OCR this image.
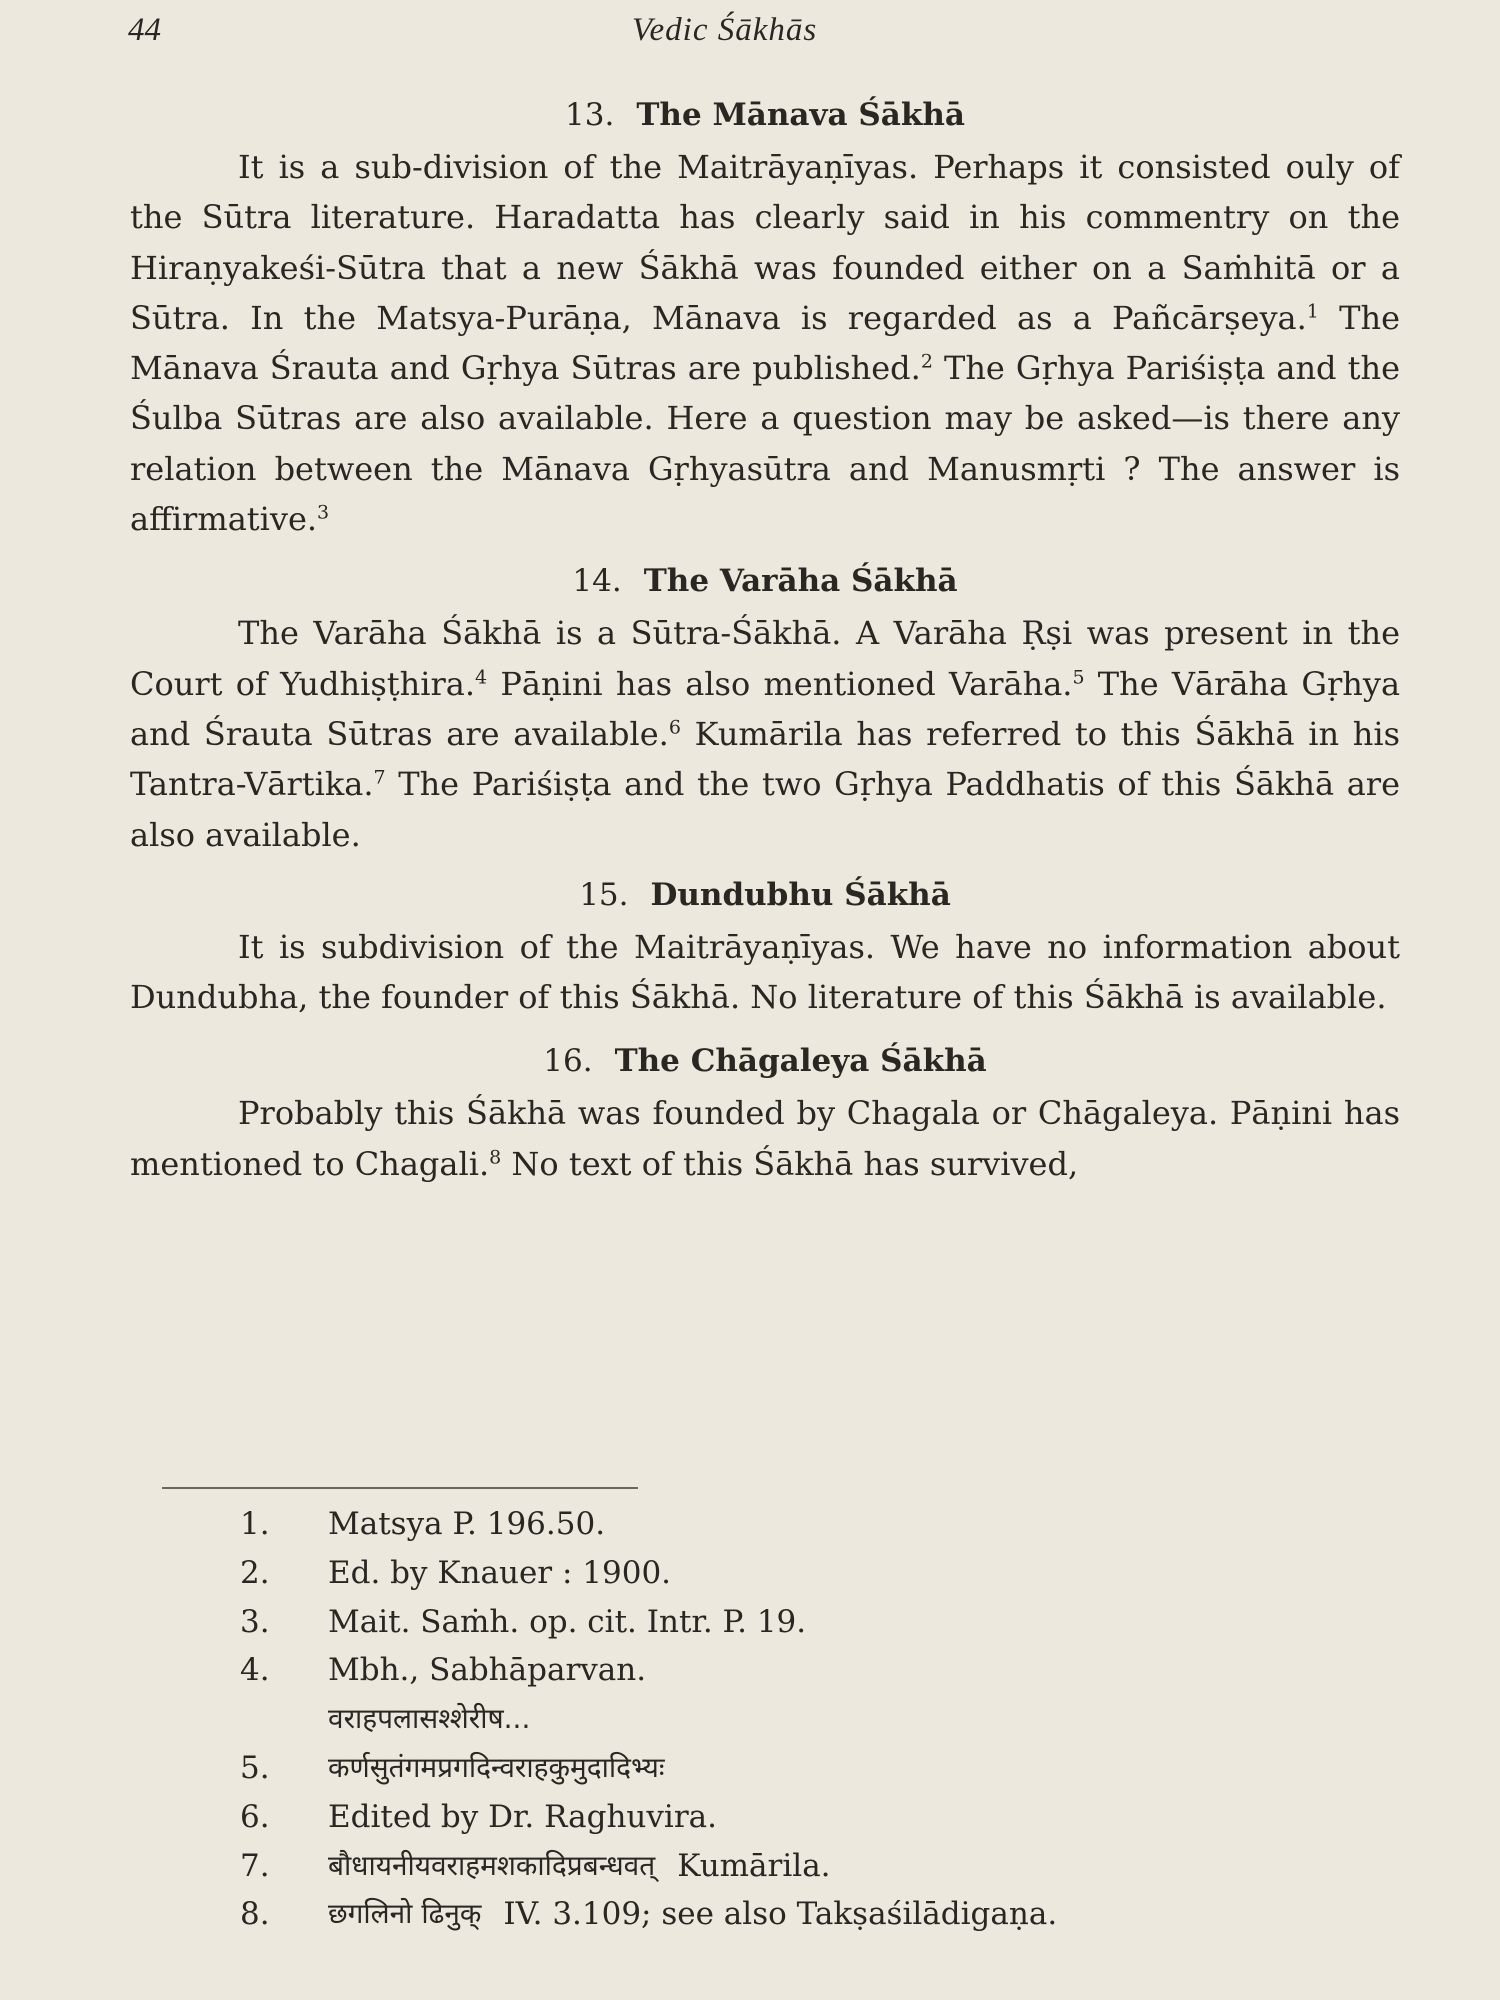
44	Vedic Śākhās
13. The Mānava Śākhā

It is a sub-division of the Maitrāyaṇīyas. Perhaps it consisted ouly of the Sūtra literature. Haradatta has clearly said in his commentry on the Hiraṇyakeśi-Sūtra that a new Śākhā was founded either on a Saṁhitā or a Sūtra. In the Matsya-Purāṇa, Mānava is regarded as a Pañcārṣeya.$^1$ The Mānava Śrauta and Gṛhya Sūtras are published.$^2$ The Gṛhya Pariśiṣṭa and the Śulba Sūtras are also available. Here a question may be asked—is there any relation between the Mānava Gṛhyasūtra and Manusmṛti ? The answer is affirmative.$^3$

14. The Varāha Śākhā

The Varāha Śākhā is a Sūtra-Śākhā. A Varāha Ṛṣi was present in the Court of Yudhiṣṭhira.$^4$ Pāṇini has also mentioned Varāha.$^5$ The Vārāha Gṛhya and Śrauta Sūtras are available.$^6$ Kumārila has referred to this Śākhā in his Tantra-Vārtika.$^7$ The Pariśiṣṭa and the two Gṛhya Paddhatis of this Śākhā are also available.

15. Dundubhu Śākhā

It is subdivision of the Maitrāyaṇīyas. We have no information about Dundubha, the founder of this Śākhā. No literature of this Śākhā is available.

16. The Chāgaleya Śākhā

Probably this Śākhā was founded by Chagala or Chāgaleya. Pāṇini has mentioned to Chagali.$^8$ No text of this Śākhā has survived,

1.	Matsya P. 196.50.
2.	Ed. by Knauer : 1900.
3.	Mait. Saṁh. op. cit. Intr. P. 19.
4.	Mbh., Sabhāparvan.
वराहपलासश्शेरीष...
5.	कर्णसुतंगमप्रगदिन्वराहकुमुदादिभ्यः
6.	Edited by Dr. Raghuvira.
7.	बौधायनीयवराहमशकादिप्रबन्धवत् Kumārila.
8.	छगलिनो ढिनुक् IV. 3.109; see also Takṣaśilādigaṇa.
